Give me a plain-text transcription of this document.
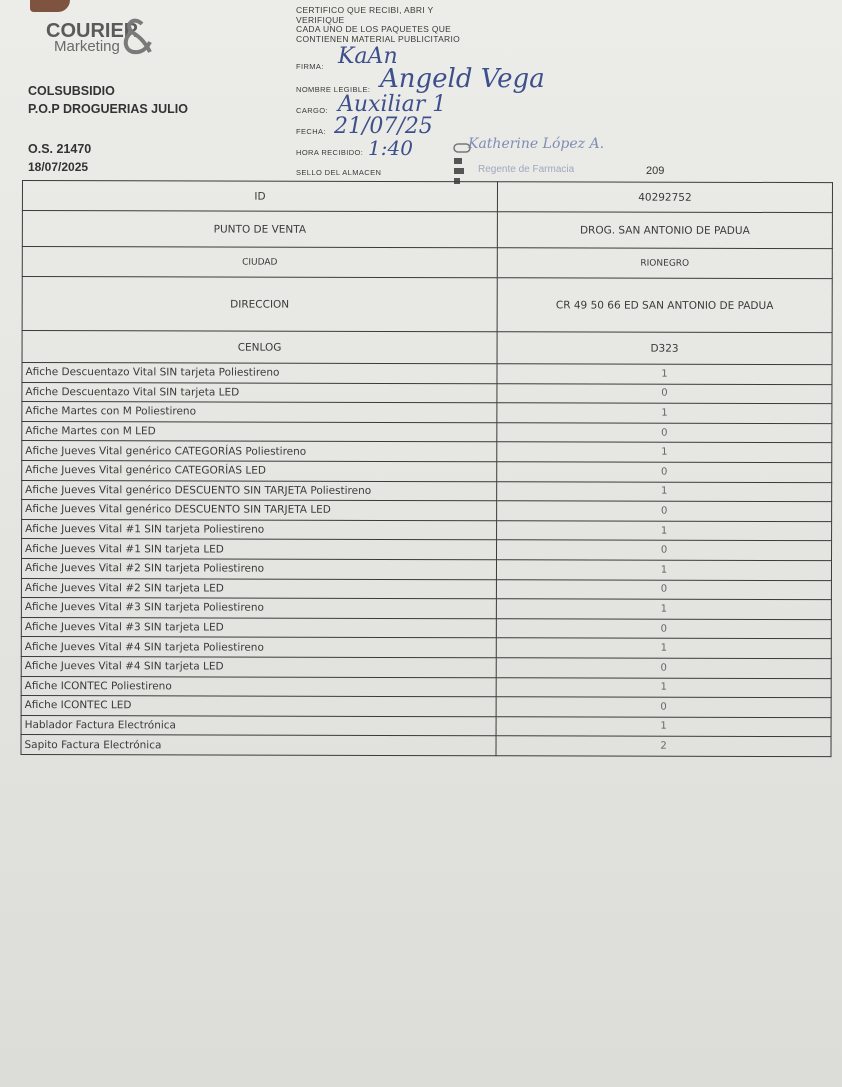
COURIER
Marketing
COLSUBSIDIO
P.O.P DROGUERIAS JULIO
O.S. 21470
18/07/2025
CERTIFICO QUE RECIBI, ABRI Y
VERIFIQUE
CADA UNO DE LOS PAQUETES QUE
CONTIENEN MATERIAL PUBLICITARIO
FIRMA: KaAn
NOMBRE LEGIBLE: Angeld Vega
CARGO: Auxiliar 1
FECHA: 21/07/25
HORA RECIBIDO: 1:40
SELLO DEL ALMACEN
Katherine López A.
Regente de Farmacia	209
ID	40292752
PUNTO DE VENTA	DROG. SAN ANTONIO DE PADUA
CIUDAD	RIONEGRO
DIRECCION	CR 49 50 66 ED SAN ANTONIO DE PADUA
CENLOG	D323
Afiche Descuentazo Vital SIN tarjeta Poliestireno	1
Afiche Descuentazo Vital SIN tarjeta LED	0
Afiche Martes con M Poliestireno	1
Afiche Martes con M LED	0
Afiche Jueves Vital genérico CATEGORÍAS Poliestireno	1
Afiche Jueves Vital genérico CATEGORÍAS LED	0
Afiche Jueves Vital genérico DESCUENTO SIN TARJETA Poliestireno	1
Afiche Jueves Vital genérico DESCUENTO SIN TARJETA LED	0
Afiche Jueves Vital #1 SIN tarjeta Poliestireno	1
Afiche Jueves Vital #1 SIN tarjeta LED	0
Afiche Jueves Vital #2 SIN tarjeta Poliestireno	1
Afiche Jueves Vital #2 SIN tarjeta LED	0
Afiche Jueves Vital #3 SIN tarjeta Poliestireno	1
Afiche Jueves Vital #3 SIN tarjeta LED	0
Afiche Jueves Vital #4 SIN tarjeta Poliestireno	1
Afiche Jueves Vital #4 SIN tarjeta LED	0
Afiche ICONTEC Poliestireno	1
Afiche ICONTEC LED	0
Hablador Factura Electrónica	1
Sapito Factura Electrónica	2
